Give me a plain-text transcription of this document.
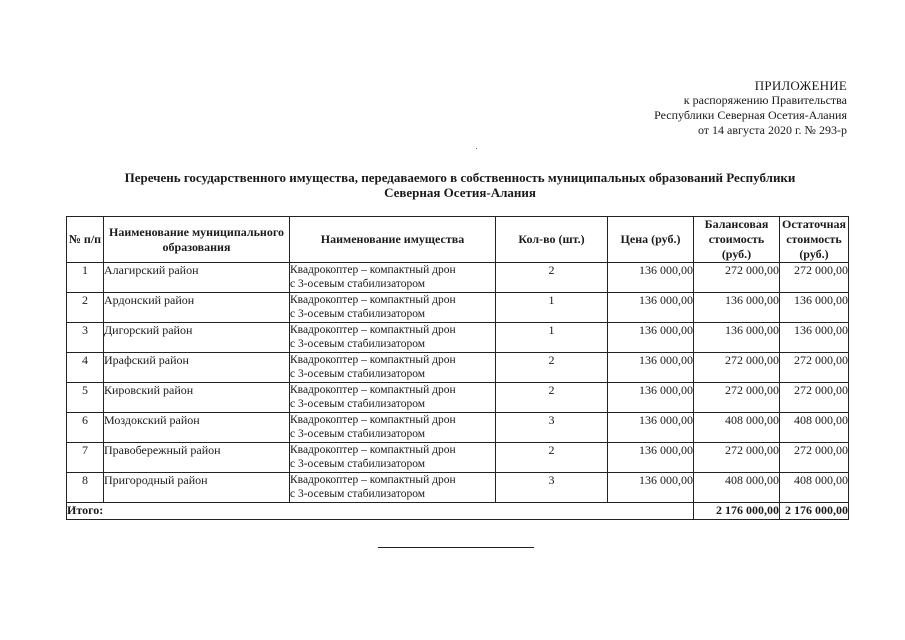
ПРИЛОЖЕНИЕ
к распоряжению Правительства
Республики Северная Осетия-Алания
от 14 августа 2020 г. № 293-р
Перечень государственного имущества, передаваемого в собственность муниципальных образований Республики
Северная Осетия-Алания
№ п/п	Наименование муниципального образования	Наименование имущества	Кол-во (шт.)	Цена (руб.)	Балансовая стоимость (руб.)	Остаточная стоимость (руб.)
1	Алагирский район	Квадрокоптер – компактный дрон
с 3-осевым стабилизатором	2	136 000,00	272 000,00	272 000,00
2	Ардонский район	Квадрокоптер – компактный дрон
с 3-осевым стабилизатором	1	136 000,00	136 000,00	136 000,00
3	Дигорский район	Квадрокоптер – компактный дрон
с 3-осевым стабилизатором	1	136 000,00	136 000,00	136 000,00
4	Ирафский район	Квадрокоптер – компактный дрон
с 3-осевым стабилизатором	2	136 000,00	272 000,00	272 000,00
5	Кировский район	Квадрокоптер – компактный дрон
с 3-осевым стабилизатором	2	136 000,00	272 000,00	272 000,00
6	Моздокский район	Квадрокоптер – компактный дрон
с 3-осевым стабилизатором	3	136 000,00	408 000,00	408 000,00
7	Правобережный район	Квадрокоптер – компактный дрон
с 3-осевым стабилизатором	2	136 000,00	272 000,00	272 000,00
8	Пригородный район	Квадрокоптер – компактный дрон
с 3-осевым стабилизатором	3	136 000,00	408 000,00	408 000,00
Итого:					2 176 000,00	2 176 000,00
